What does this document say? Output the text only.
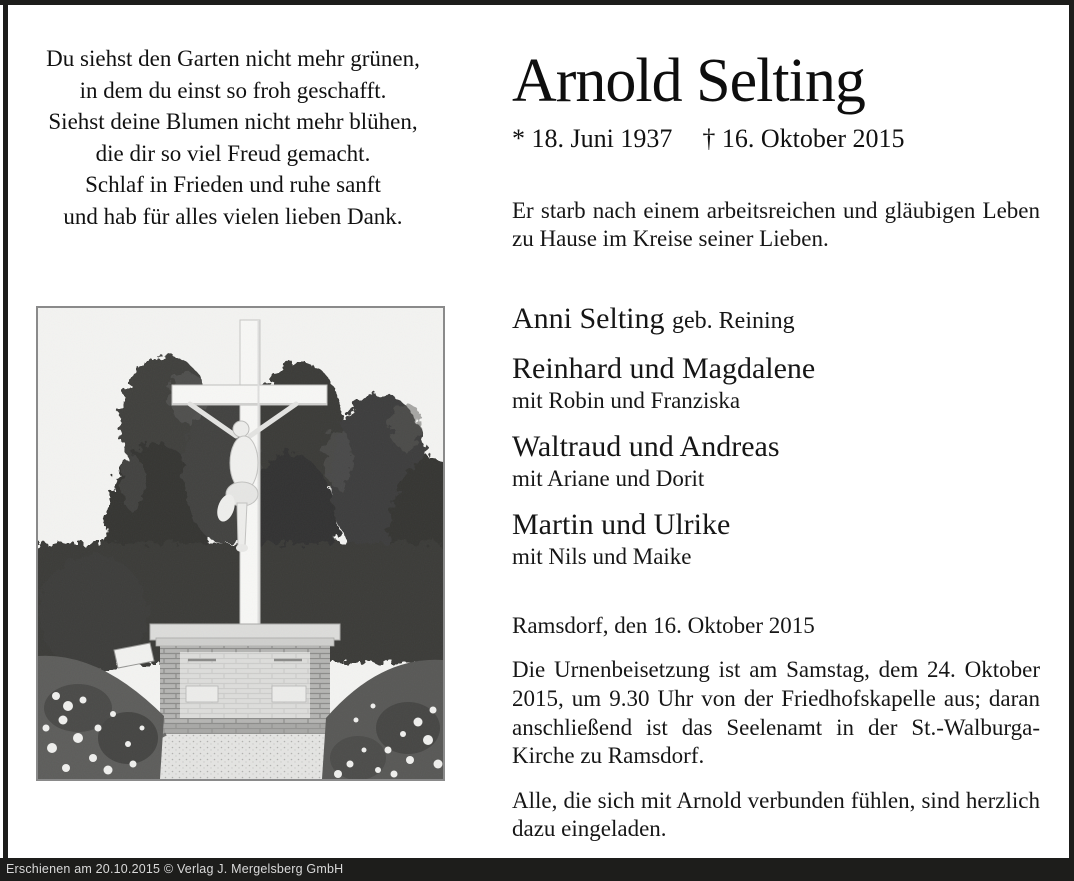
Du siehst den Garten nicht mehr grünen,
in dem du einst so froh geschafft.
Siehst deine Blumen nicht mehr blühen,
die dir so viel Freud gemacht.
Schlaf in Frieden und ruhe sanft
und hab für alles vielen lieben Dank.
Arnold Selting
* 18. Juni 1937 † 16. Oktober 2015
Er starb nach einem arbeitsreichen und gläubigen Leben zu Hause im Kreise seiner Lieben.
Anni Selting geb. Reining
Reinhard und Magdalene
mit Robin und Franziska
Waltraud und Andreas
mit Ariane und Dorit
Martin und Ulrike
mit Nils und Maike
Ramsdorf, den 16. Oktober 2015
Die Urnenbeisetzung ist am Samstag, dem 24. Oktober 2015, um 9.30 Uhr von der Friedhofskapelle aus; daran anschließend ist das Seelenamt in der St.-Walburga-Kirche zu Ramsdorf.
Alle, die sich mit Arnold verbunden fühlen, sind herzlich dazu eingeladen.
Erschienen am 20.10.2015 © Verlag J. Mergelsberg GmbH
